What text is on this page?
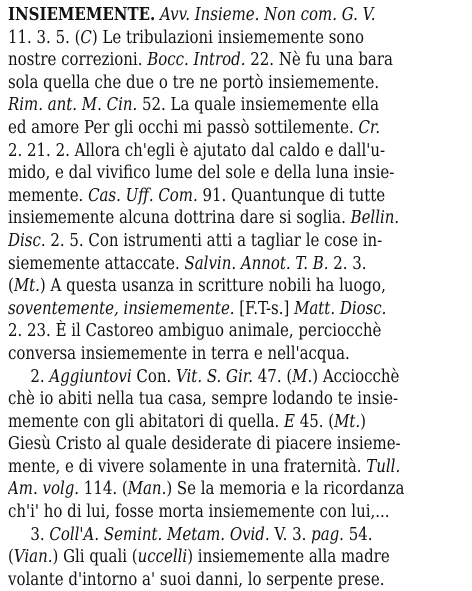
INSIEMEMENTE. Avv. Insieme. Non com. G. V.
11. 3. 5. (C) Le tribulazioni insiememente sono
nostre correzioni. Bocc. Introd. 22. Nè fu una bara
sola quella che due o tre ne portò insiememente.
Rim. ant. M. Cin. 52. La quale insiememente ella
ed amore Per gli occhi mi passò sottilemente. Cr.
2. 21. 2. Allora ch'egli è ajutato dal caldo e dall'u-
mido, e dal vivifico lume del sole e della luna insie-
memente. Cas. Uff. Com. 91. Quantunque di tutte
insiememente alcuna dottrina dare si soglia. Bellin.
Disc. 2. 5. Con istrumenti atti a tagliar le cose in-
siememente attaccate. Salvin. Annot. T. B. 2. 3.
(Mt.) A questa usanza in scritture nobili ha luogo,
soventemente, insiememente. [F.T-s.] Matt. Diosc.
2. 23. È il Castoreo ambiguo animale, perciocchè
conversa insiememente in terra e nell'acqua.
2. Aggiuntovi Con. Vit. S. Gir. 47. (M.) Acciocchè
chè io abiti nella tua casa, sempre lodando te insie-
memente con gli abitatori di quella. E 45. (Mt.)
Giesù Cristo al quale desiderate di piacere insieme-
mente, e di vivere solamente in una fraternità. Tull.
Am. volg. 114. (Man.) Se la memoria e la ricordanza
ch'i' ho di lui, fosse morta insiememente con lui,...
3. Coll'A. Semint. Metam. Ovid. V. 3. pag. 54.
(Vian.) Gli quali (uccelli) insiememente alla madre
volante d'intorno a' suoi danni, lo serpente prese.
